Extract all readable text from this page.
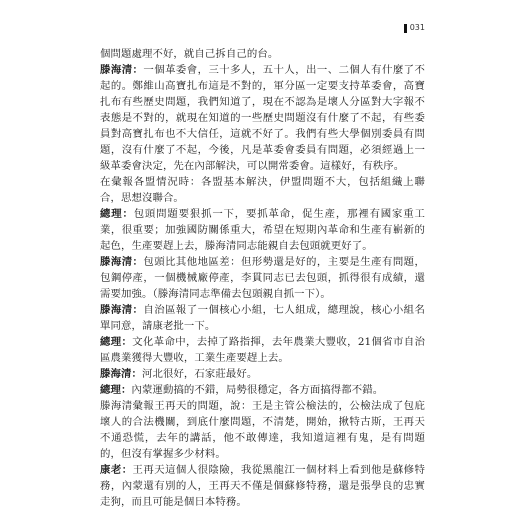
031

個問題處理不好，就自己拆自己的台。

滕海清：一個革委會，三十多人，五十人，出一、二個人有什麼了不起的。鄭維山高寶扎布這是不對的，軍分區一定要支持革委會，高寶扎布有些歷史問題，我們知道了，現在不認為是壞人分區對大字報不表態是不對的，就現在知道的一些歷史問題沒有什麼了不起，有些委員對高寶扎布也不大信任，這就不好了。我們有些大學個別委員有問題，沒有什麼了不起，今後，凡是革委會委員有問題，必須經過上一級革委會決定，先在內部解決，可以開常委會。這樣好，有秩序。

在彙報各盟情況時：各盟基本解決，伊盟問題不大，包括組織上聯合，思想沒聯合。

總理：包頭問題要狠抓一下，要抓革命，促生產，那裡有國家重工業，很重要；加強國防關係重大，希望在短期內革命和生產有嶄新的起色，生產要趕上去，滕海清同志能親自去包頭就更好了。

滕海清：包頭比其他地區差：但形勢還是好的，主要是生產有問題，包鋼停產，一個機械廠停產，李貫同志已去包頭，抓得很有成績，還需要加強。（滕海清同志準備去包頭親自抓一下）。

滕海清：自治區報了一個核心小組，七人組成，總理說，核心小組名單同意，請康老批一下。

總理：文化革命中，去掉了路指揮，去年農業大豐收，21個省市自治區農業獲得大豐收，工業生產要趕上去。

滕海清：河北很好，石家莊最好。

總理：內蒙運動搞的不錯，局勢很穩定，各方面搞得都不錯。

滕海清彙報王再天的問題，說：王是主管公檢法的，公檢法成了包庇壞人的合法機關，到底什麼問題，不清楚，開始，揪特古斯，王再天不通恐慌，去年的講話，他不敢傳達，我知道這裡有鬼，是有問題的，但沒有掌握多少材料。

康老：王再天這個人很陰險，我從黑龍江一個材料上看到他是蘇修特務，內蒙還有別的人，王再天不僅是個蘇修特務，還是張學良的忠實走狗，而且可能是個日本特務。
